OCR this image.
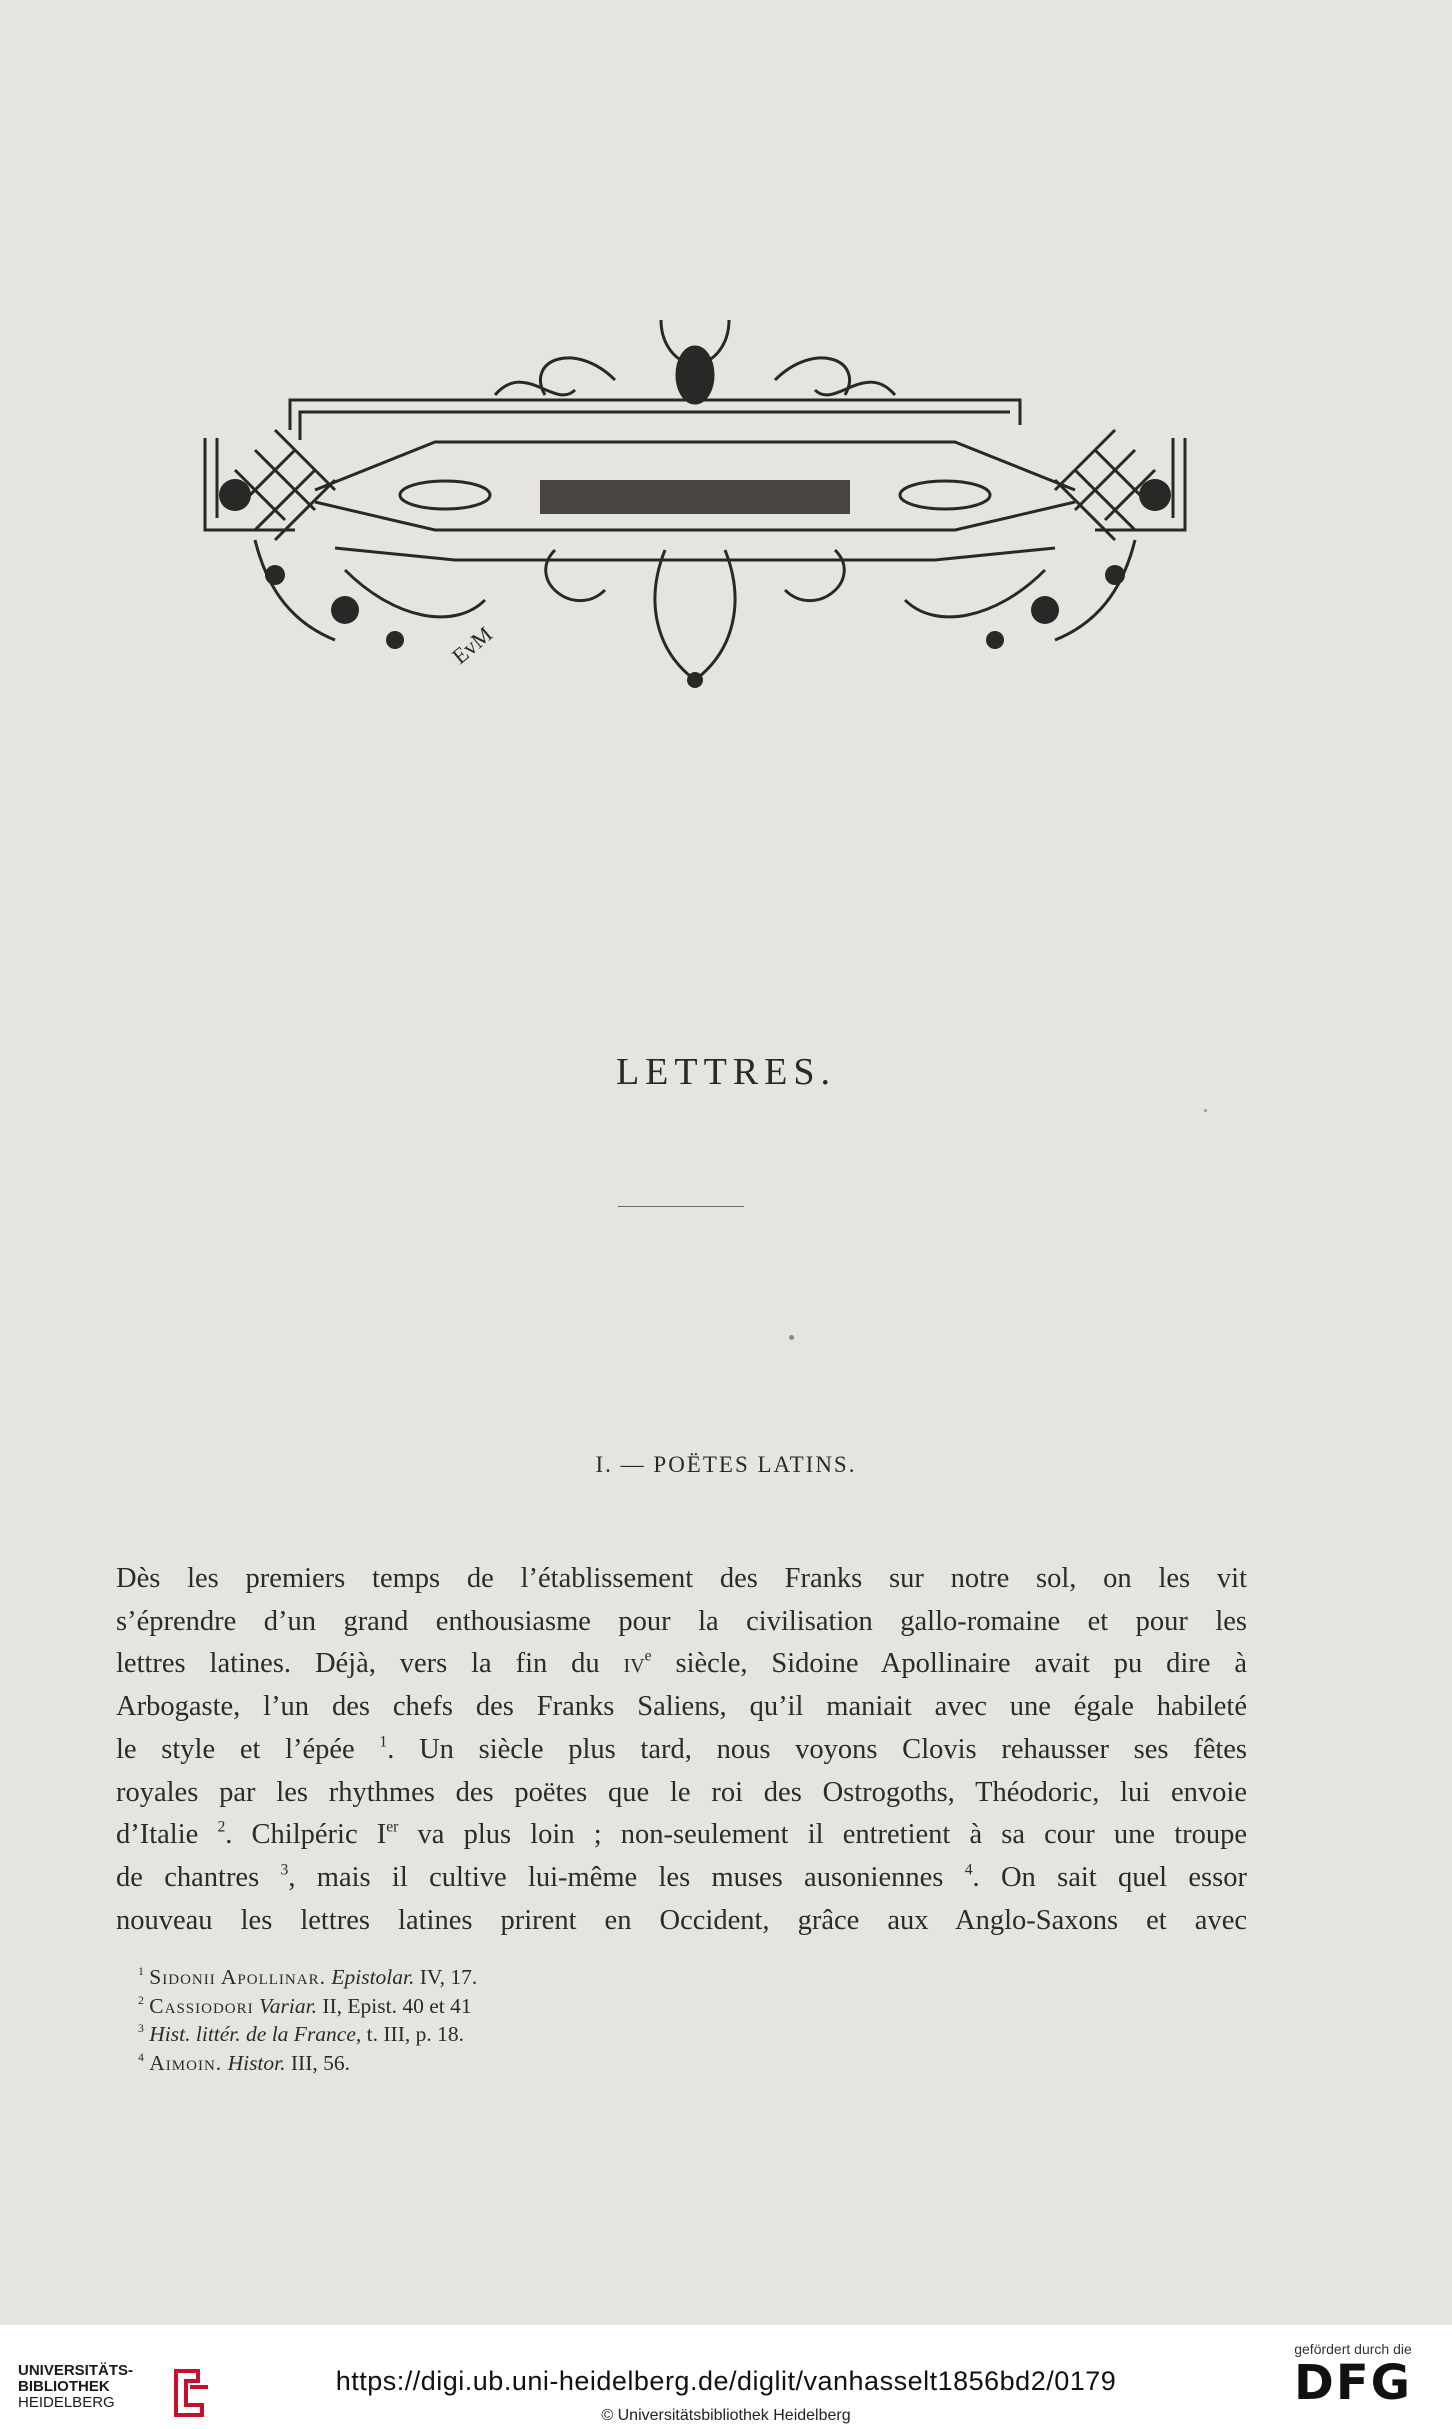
EvM
LETTRES.
I. — POËTES LATINS.
Dès les premiers temps de l’établissement des Franks sur notre sol, on les vit
s’éprendre d’un grand enthousiasme pour la civilisation gallo-romaine et pour les
lettres latines. Déjà, vers la fin du $iv^e$ siècle, Sidoine Apollinaire avait pu dire à
Arbogaste, l’un des chefs des Franks Saliens, qu’il maniait avec une égale habileté
le style et l’épée $^1$. Un siècle plus tard, nous voyons Clovis rehausser ses fêtes
royales par les rhythmes des poëtes que le roi des Ostrogoths, Théodoric, lui envoie
d’Italie $^2$. Chilpéric Ier va plus loin ; non-seulement il entretient à sa cour une troupe
de chantres $^3$, mais il cultive lui-même les muses ausoniennes $^4$. On sait quel essor
nouveau les lettres latines prirent en Occident, grâce aux Anglo-Saxons et avec
$^1$ Sidonii Apollinar. Epistolar. IV, 17.
$^2$ Cassiodori Variar. II, Epist. 40 et 41
$^3$ Hist. littér. de la France, t. III, p. 18.
$^4$ Aimoin. Histor. III, 56.
UNIVERSITÄTS-
BIBLIOTHEK
HEIDELBERG
https://digi.ub.uni-heidelberg.de/diglit/vanhasselt1856bd2/0179
© Universitätsbibliothek Heidelberg
gefördert durch die
DFG
